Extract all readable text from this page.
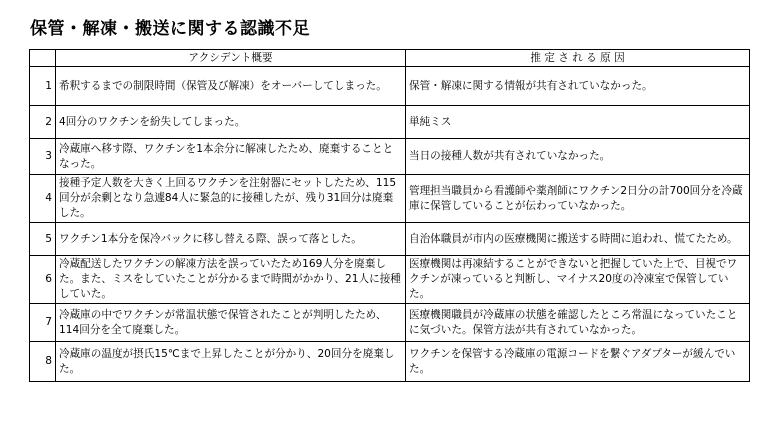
保管・解凍・搬送に関する認識不足
	アクシデント概要	推 定 さ れ る 原 因
1	希釈するまでの制限時間（保管及び解凍）をオーバーしてしまった。	保管・解凍に関する情報が共有されていなかった。
2	4回分のワクチンを紛失してしまった。	単純ミス
3	冷蔵庫へ移す際、ワクチンを1本余分に解凍したため、廃棄することとなった。	当日の接種人数が共有されていなかった。
4	接種予定人数を大きく上回るワクチンを注射器にセットしたため、115回分が余剰となり急遽84人に緊急的に接種したが、残り31回分は廃棄した。	管理担当職員から看護師や薬剤師にワクチン2日分の計700回分を冷蔵庫に保管していることが伝わっていなかった。
5	ワクチン1本分を保冷バックに移し替える際、誤って落とした。	自治体職員が市内の医療機関に搬送する時間に追われ、慌てたため。
6	冷蔵配送したワクチンの解凍方法を誤っていたため169人分を廃棄した。また、ミスをしていたことが分かるまで時間がかかり、21人に接種していた。	医療機関は再凍結することができないと把握していた上で、目視でワクチンが凍っていると判断し、マイナス20度の冷凍室で保管していた。
7	冷蔵庫の中でワクチンが常温状態で保管されたことが判明したため、114回分を全て廃棄した。	医療機関職員が冷蔵庫の状態を確認したところ常温になっていたことに気づいた。保管方法が共有されていなかった。
8	冷蔵庫の温度が摂氏15℃まで上昇したことが分かり、20回分を廃棄した。	ワクチンを保管する冷蔵庫の電源コードを繋ぐアダプターが緩んでいた。
